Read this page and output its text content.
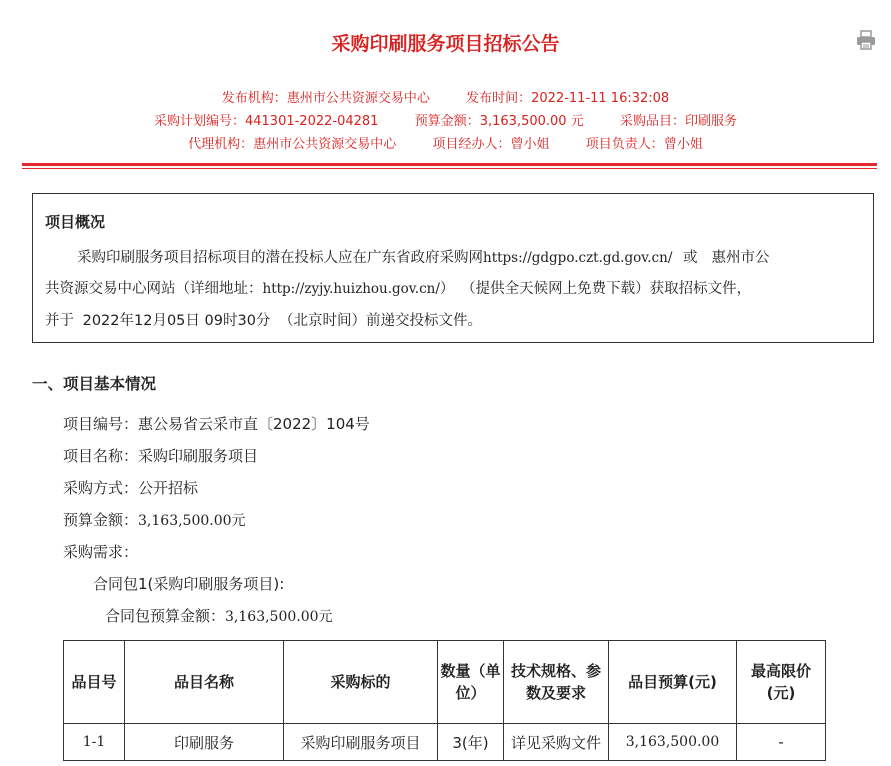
采购印刷服务项目招标公告
发布机构：惠州市公共资源交易中心	发布时间：2022-11-11 16:32:08
采购计划编号：441301-2022-04281	预算金额：3,163,500.00 元	采购品目：印刷服务
代理机构：惠州市公共资源交易中心	项目经办人：曾小姐	项目负责人：曾小姐
项目概况
采购印刷服务项目招标项目的潜在投标人应在广东省政府采购网https://gdgpo.czt.gd.gov.cn/ 或 惠州市公
共资源交易中心网站（详细地址：http://zyjy.huizhou.gov.cn/） （提供全天候网上免费下载）获取招标文件，
并于 2022年12月05日 09时30分 （北京时间）前递交投标文件。
一、项目基本情况
项目编号：惠公易省云采市直〔2022〕104号
项目名称：采购印刷服务项目
采购方式：公开招标
预算金额：3,163,500.00元
采购需求：
合同包1(采购印刷服务项目):
合同包预算金额：3,163,500.00元
品目号	品目名称	采购标的	数量（单位）	技术规格、参数及要求	品目预算(元)	最高限价(元)
1-1	印刷服务	采购印刷服务项目	3(年)	详见采购文件	3,163,500.00	-
